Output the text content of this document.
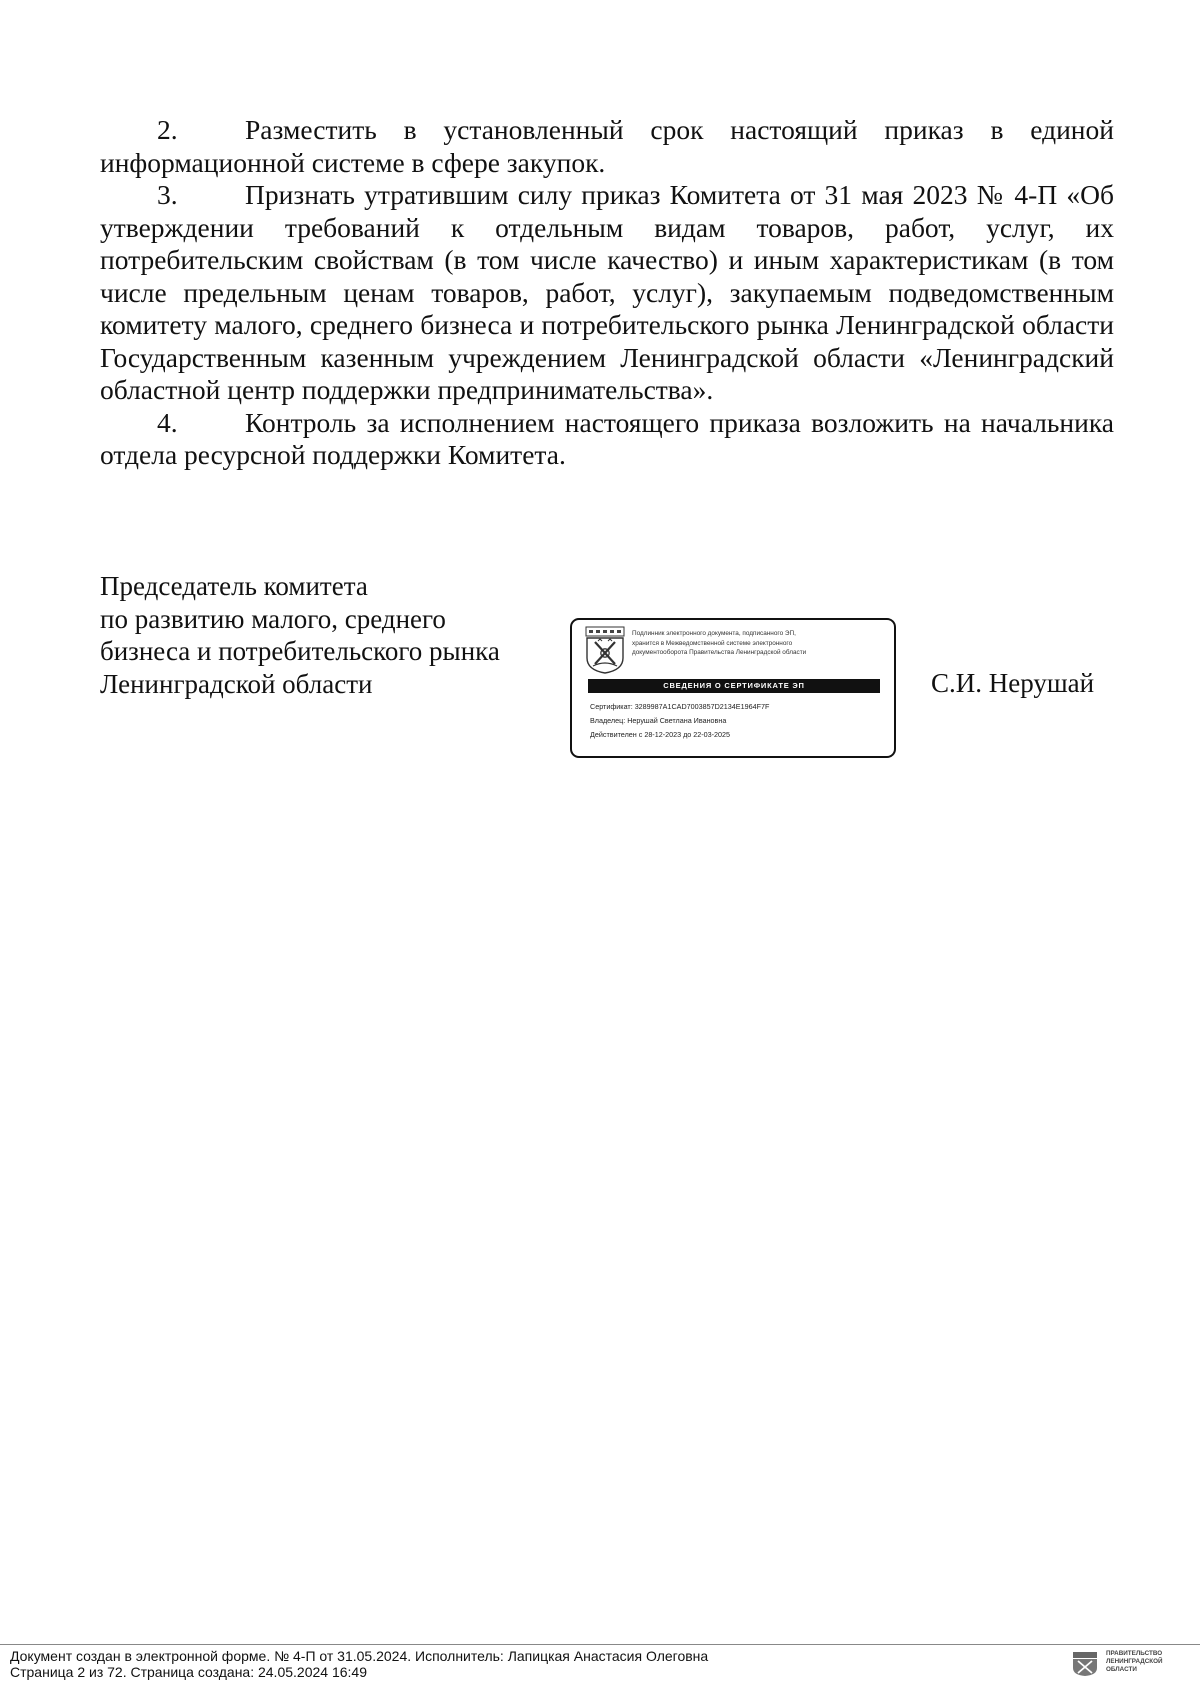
2. Разместить в установленный срок настоящий приказ в единой информационной системе в сфере закупок.

3. Признать утратившим силу приказ Комитета от 31 мая 2023 № 4-П «Об утверждении требований к отдельным видам товаров, работ, услуг, их потребительским свойствам (в том числе качество) и иным характеристикам (в том числе предельным ценам товаров, работ, услуг), закупаемым подведомственным комитету малого, среднего бизнеса и потребительского рынка Ленинградской области Государственным казенным учреждением Ленинградской области «Ленинградский областной центр поддержки предпринимательства».

4. Контроль за исполнением настоящего приказа возложить на начальника отдела ресурсной поддержки Комитета.

Председатель комитета
по развитию малого, среднего
бизнеса и потребительского рынка
Ленинградской области
Подлинник электронного документа, подписанного ЭП,
хранится в Межведомственной системе электронного
документооборота Правительства Ленинградской области
СВЕДЕНИЯ О СЕРТИФИКАТЕ ЭП
Сертификат: 3289987A1CAD7003857D2134E1964F7F
Владелец: Нерушай Светлана Ивановна
Действителен с 28-12-2023 до 22-03-2025
С.И. Нерушай
Документ создан в электронной форме. № 4-П от 31.05.2024. Исполнитель: Лапицкая Анастасия Олеговна
Страница 2 из 72. Страница создана: 24.05.2024 16:49
ПРАВИТЕЛЬСТВО
ЛЕНИНГРАДСКОЙ
ОБЛАСТИ
